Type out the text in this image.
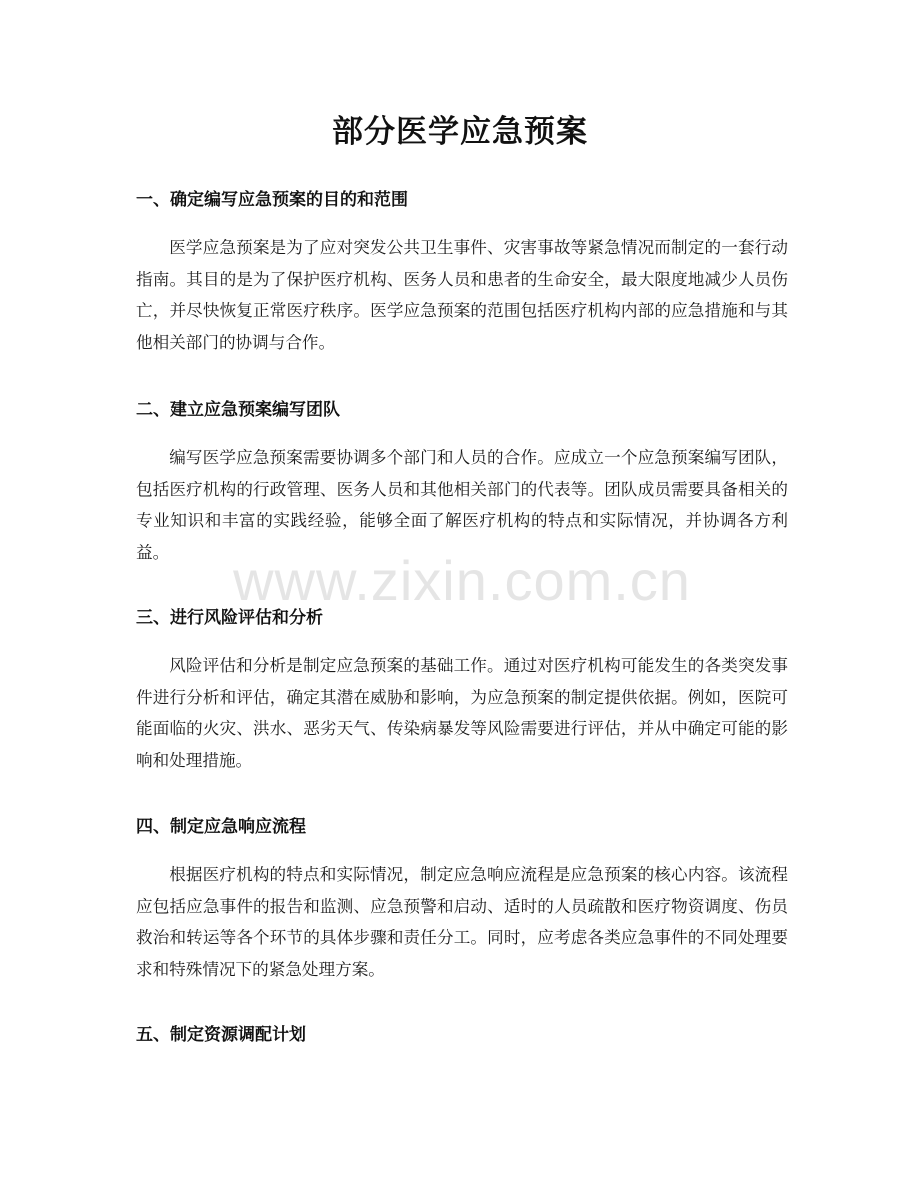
部分医学应急预案
一、确定编写应急预案的目的和范围

医学应急预案是为了应对突发公共卫生事件、灾害事故等紧急情况而制定的一套行动指南。其目的是为了保护医疗机构、医务人员和患者的生命安全，最大限度地减少人员伤亡，并尽快恢复正常医疗秩序。医学应急预案的范围包括医疗机构内部的应急措施和与其他相关部门的协调与合作。

二、建立应急预案编写团队

编写医学应急预案需要协调多个部门和人员的合作。应成立一个应急预案编写团队，包括医疗机构的行政管理、医务人员和其他相关部门的代表等。团队成员需要具备相关的专业知识和丰富的实践经验，能够全面了解医疗机构的特点和实际情况，并协调各方利益。

三、进行风险评估和分析

风险评估和分析是制定应急预案的基础工作。通过对医疗机构可能发生的各类突发事件进行分析和评估，确定其潜在威胁和影响，为应急预案的制定提供依据。例如，医院可能面临的火灾、洪水、恶劣天气、传染病暴发等风险需要进行评估，并从中确定可能的影响和处理措施。

四、制定应急响应流程

根据医疗机构的特点和实际情况，制定应急响应流程是应急预案的核心内容。该流程应包括应急事件的报告和监测、应急预警和启动、适时的人员疏散和医疗物资调度、伤员救治和转运等各个环节的具体步骤和责任分工。同时，应考虑各类应急事件的不同处理要求和特殊情况下的紧急处理方案。

五、制定资源调配计划
www.zixin.com.cn
